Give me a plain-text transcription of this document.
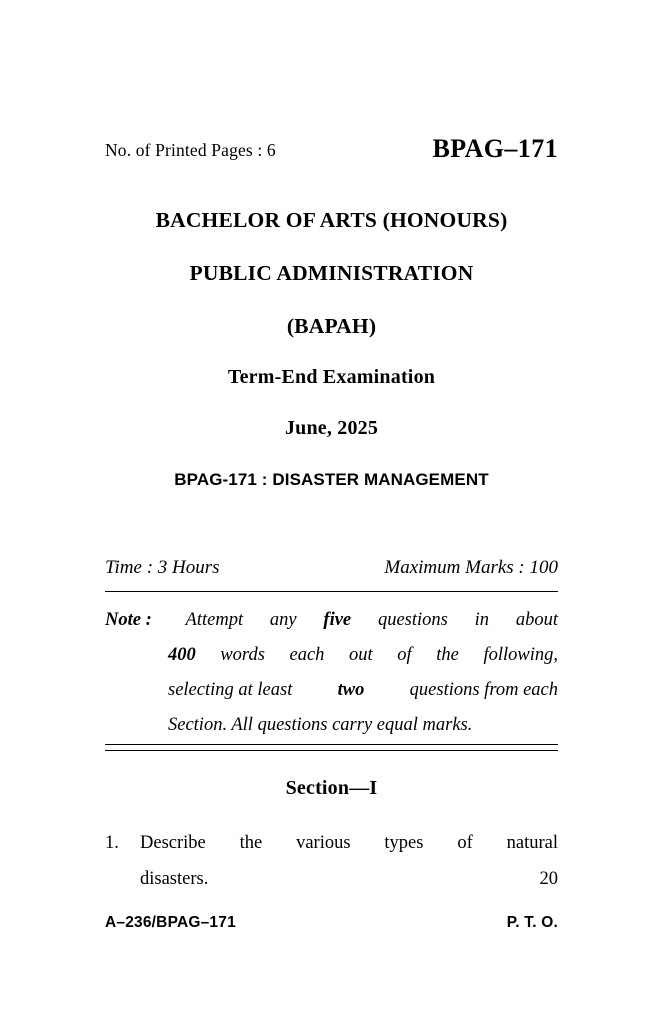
No. of Printed Pages : 6	BPAG–171
BACHELOR OF ARTS (HONOURS)
PUBLIC ADMINISTRATION
(BAPAH)
Term-End Examination
June, 2025
BPAG-171 : DISASTER MANAGEMENT
Time : 3 Hours	Maximum Marks : 100
Note :	Attempt any five questions in about
400 words each out of the following,
selecting at least two questions from each
Section. All questions carry equal marks.
Section—I
1.	Describe the various types of natural
disasters.	20
A–236/BPAG–171	P. T. O.
